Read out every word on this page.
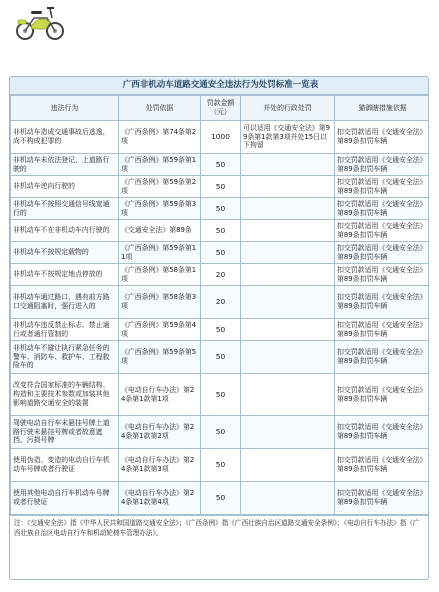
广西非机动车道路交通安全违法行为处罚标准一览表
违法行为	处罚依据	罚款金额（元）	并处的行政处罚	猫御瞎措施依据
非机动车造成交通事故后逃逸，尚不构成犯罪的	《广西条例》第74条第2项	1000	可以适用《交通安全法》第99条第1款第3项并处15日以下拘留	扣交罚款适用《交通安全法》第89条扣罚车辆
非机动车未依法登记，上道路行驶的	《广西条例》第59条第1项	50		扣交罚款适用《交通安全法》第89条扣罚车辆
非机动车逆向行驶的	《广西条例》第59条第2项	50		扣交罚款适用《交通安全法》第89条扣罚车辆
非机动车不按照交通信号线宽通行的	《广西条例》第59条第3项	50		扣交罚款适用《交通安全法》第89条扣罚车辆
非机动车不在非机动车内行驶的	《交通安全法》第89条	50		扣交罚款适用《交通安全法》第89条扣罚车辆
非机动车不按规定载物的	《广西条例》第59条第11项	50		扣交罚款适用《交通安全法》第89条扣罚车辆
非机动车不按规定地点停放的	《广西条例》第58条第1项	20		扣交罚款适用《交通安全法》第89条扣罚车辆
非机动车通过路口，遇有前方路口交通阻塞时，强行进入的	《广西条例》第58条第3项	20		扣交罚款适用《交通安全法》第89条扣罚车辆
非机动车违反禁止标志、禁止通行或者通行管制的	《广西条例》第59条第4项	50		扣交罚款适用《交通安全法》第89条扣罚车辆
非机动车不避让执行紧急任务的警车、消防车、救护车、工程救险车的	《广西条例》第59条第5项	50		扣交罚款适用《交通安全法》第89条扣罚车辆
改变符合国家标准的车辆结构、构造和主要技术参数或加装其他影响道路交通安全的装置	《电动自行车办法》第24条第1款第1项	50		扣交罚款适用《交通安全法》第89条扣罚车辆
驾驶电动自行车未悬挂号牌上道路行驶未悬挂号牌或者故意遮挡、污损号牌	《电动自行车办法》第24条第1款第2项	50		扣交罚款适用《交通安全法》第89条扣罚车辆
使用伪造、变造的电动自行车机动车号牌或者行驶证	《电动自行车办法》第24条第1款第3项	50		扣交罚款适用《交通安全法》第89条扣罚车辆
使用其他电动自行车机动车号牌或者行驶证	《电动自行车办法》第24条第1款第4项	50		扣交罚款适用《交通安全法》第89条扣罚车辆
注：《交通安全法》指《中华人民共和国道路交通安全法》；《广西条例》指《广西壮族自治区道路交通安全条例》；《电动自行车办法》指《广西壮族自治区电动自行车和机动轮椅车管理办法》。
